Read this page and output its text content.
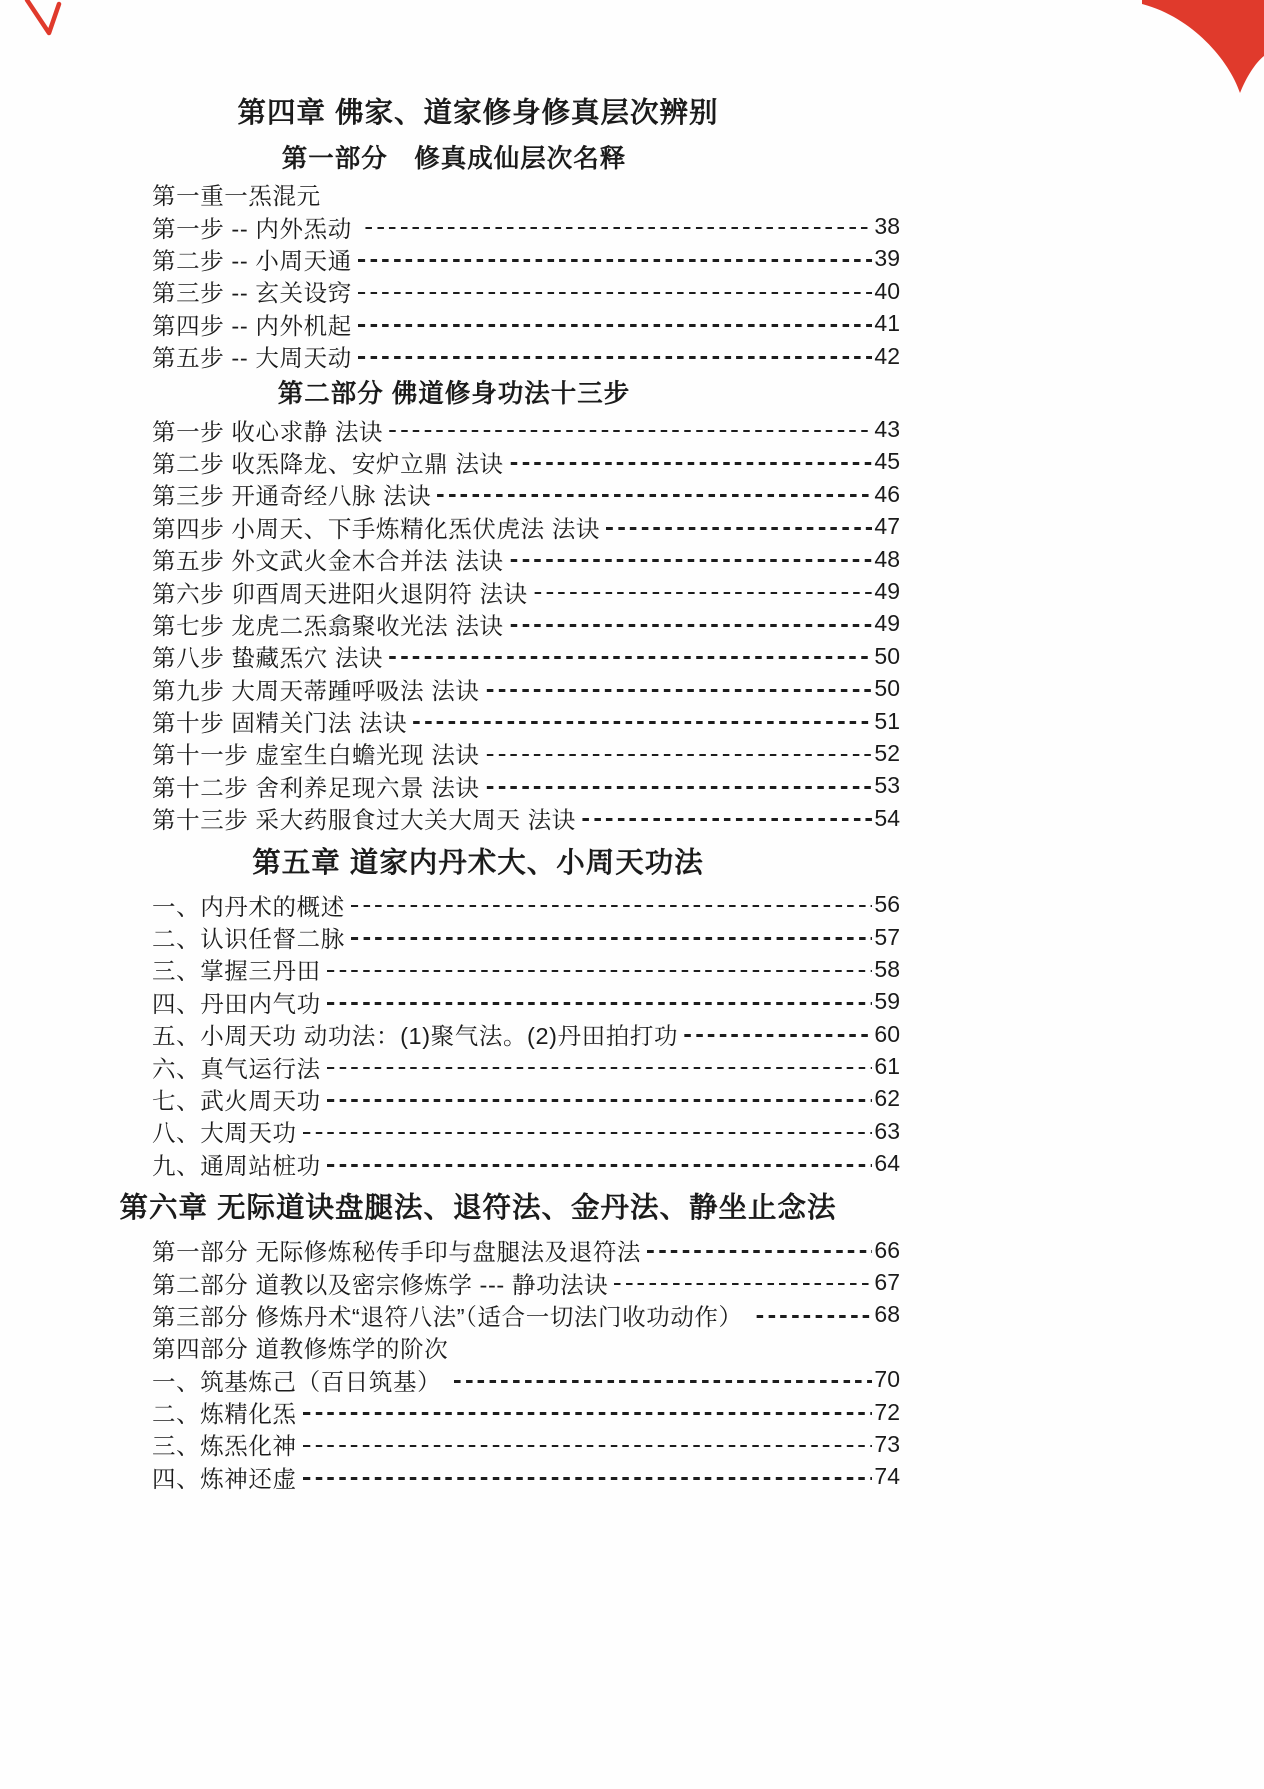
第四章 佛家、道家修身修真层次辨别
第一部分　修真成仙层次名释
第一重一炁混元
第一步 -- 内外炁动	38
第二步 -- 小周天通	39
第三步 -- 玄关设窍	40
第四步 -- 内外机起	41
第五步 -- 大周天动	42
第二部分 佛道修身功法十三步
第一步 收心求静 法诀	43
第二步 收炁降龙、安炉立鼎 法诀	45
第三步 开通奇经八脉 法诀	46
第四步 小周天、下手炼精化炁伏虎法 法诀	47
第五步 外文武火金木合并法 法诀	48
第六步 卯酉周天进阳火退阴符 法诀	49
第七步 龙虎二炁翕聚收光法 法诀	49
第八步 蛰藏炁穴 法诀	50
第九步 大周天蒂踵呼吸法 法诀	50
第十步 固精关门法 法诀	51
第十一步 虚室生白蟾光现 法诀	52
第十二步 舍利养足现六景 法诀	53
第十三步 采大药服食过大关大周天 法诀	54
第五章 道家内丹术大、小周天功法
一、内丹术的概述	56
二、认识任督二脉	57
三、掌握三丹田	58
四、丹田内气功	59
五、小周天功 动功法：(1)聚气法。(2)丹田拍打功	60
六、真气运行法	61
七、武火周天功	62
八、大周天功	63
九、通周站桩功	64
第六章 无际道诀盘腿法、退符法、金丹法、静坐止念法
第一部分 无际修炼秘传手印与盘腿法及退符法	66
第二部分 道教以及密宗修炼学 --- 静功法诀	67
第三部分 修炼丹术“退符八法”（适合一切法门收功动作）	68
第四部分 道教修炼学的阶次
一、筑基炼己（百日筑基）	70
二、炼精化炁	72
三、炼炁化神	73
四、炼神还虚	74
